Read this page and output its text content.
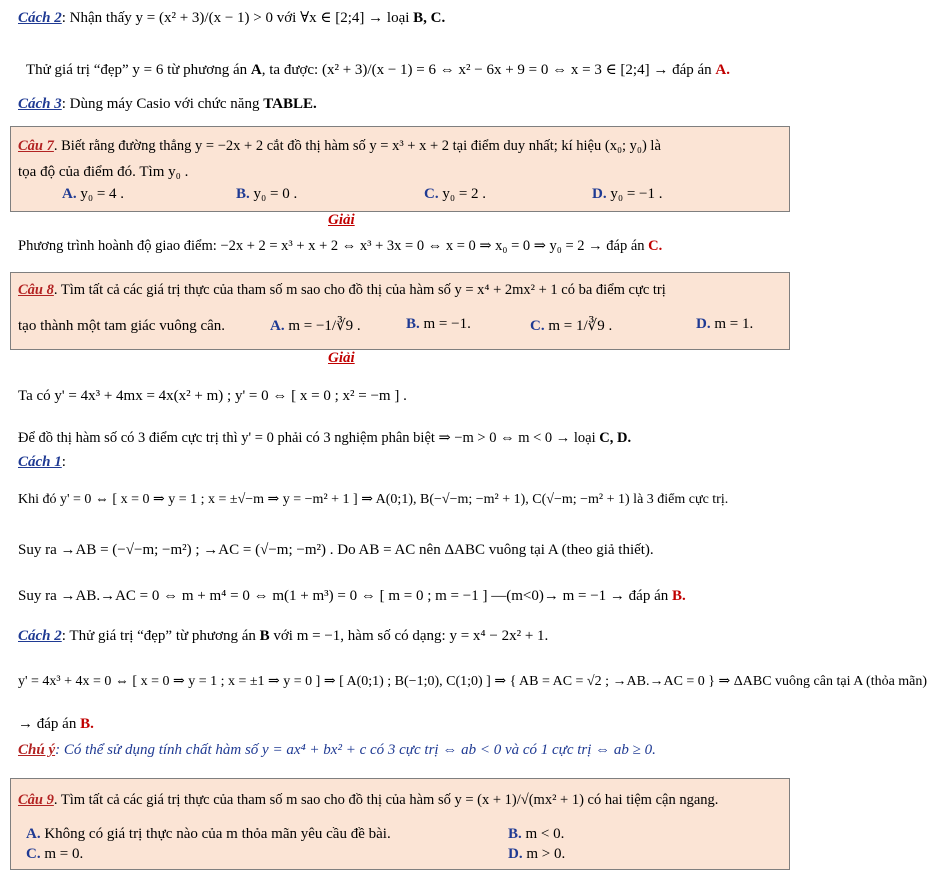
Cách 2: Nhận thấy y = (x² + 3)/(x − 1) > 0 với ∀x ∈ [2;4] → loại B, C.
Thử giá trị “đẹp” y = 6 từ phương án A, ta được: (x² + 3)/(x − 1) = 6 ⇔ x² − 6x + 9 = 0 ⇔ x = 3 ∈ [2;4] → đáp án A.
Cách 3: Dùng máy Casio với chức năng TABLE.
Câu 7. Biết rằng đường thẳng y = −2x + 2 cắt đồ thị hàm số y = x³ + x + 2 tại điểm duy nhất; kí hiệu (x₀; y₀) là
tọa độ của điểm đó. Tìm y₀ .
A. y₀ = 4 .	B. y₀ = 0 .	C. y₀ = 2 .	D. y₀ = −1 .
Giải
Phương trình hoành độ giao điểm: −2x + 2 = x³ + x + 2 ⇔ x³ + 3x = 0 ⇔ x = 0 ⇒ x₀ = 0 ⇒ y₀ = 2 → đáp án C.
Câu 8. Tìm tất cả các giá trị thực của tham số m sao cho đồ thị của hàm số y = x⁴ + 2mx² + 1 có ba điểm cực trị
tạo thành một tam giác vuông cân.	A. m = −1/∛9 .	B. m = −1.	C. m = 1/∛9 .	D. m = 1.
Giải
Ta có y' = 4x³ + 4mx = 4x(x² + m) ; y' = 0 ⇔ [ x = 0 ; x² = −m ] .
Để đồ thị hàm số có 3 điểm cực trị thì y' = 0 phải có 3 nghiệm phân biệt ⇒ −m > 0 ⇔ m < 0 → loại C, D.
Cách 1:
Khi đó y' = 0 ⇔ [ x = 0 ⇒ y = 1 ; x = ±√−m ⇒ y = −m² + 1 ] ⇒ A(0;1), B(−√−m; −m² + 1), C(√−m; −m² + 1) là 3 điểm cực trị.
Suy ra →AB = (−√−m; −m²) ; →AC = (√−m; −m²) . Do AB = AC nên ΔABC vuông tại A (theo giả thiết).
Suy ra →AB.→AC = 0 ⇔ m + m⁴ = 0 ⇔ m(1 + m³) = 0 ⇔ [ m = 0 ; m = −1 ] —(m<0)→ m = −1 → đáp án B.
Cách 2: Thử giá trị “đẹp” từ phương án B với m = −1, hàm số có dạng: y = x⁴ − 2x² + 1.
y' = 4x³ + 4x = 0 ⇔ [ x = 0 ⇒ y = 1 ; x = ±1 ⇒ y = 0 ] ⇒ [ A(0;1) ; B(−1;0), C(1;0) ] ⇒ { AB = AC = √2 ; →AB.→AC = 0 } ⇒ ΔABC vuông cân tại A (thỏa mãn)
→ đáp án B.
Chú ý: Có thể sử dụng tính chất hàm số y = ax⁴ + bx² + c có 3 cực trị ⇔ ab < 0 và có 1 cực trị ⇔ ab ≥ 0.
Câu 9. Tìm tất cả các giá trị thực của tham số m sao cho đồ thị của hàm số y = (x + 1)/√(mx² + 1) có hai tiệm cận ngang.
A. Không có giá trị thực nào của m thỏa mãn yêu cầu đề bài.	B. m < 0.
C. m = 0.	D. m > 0.
